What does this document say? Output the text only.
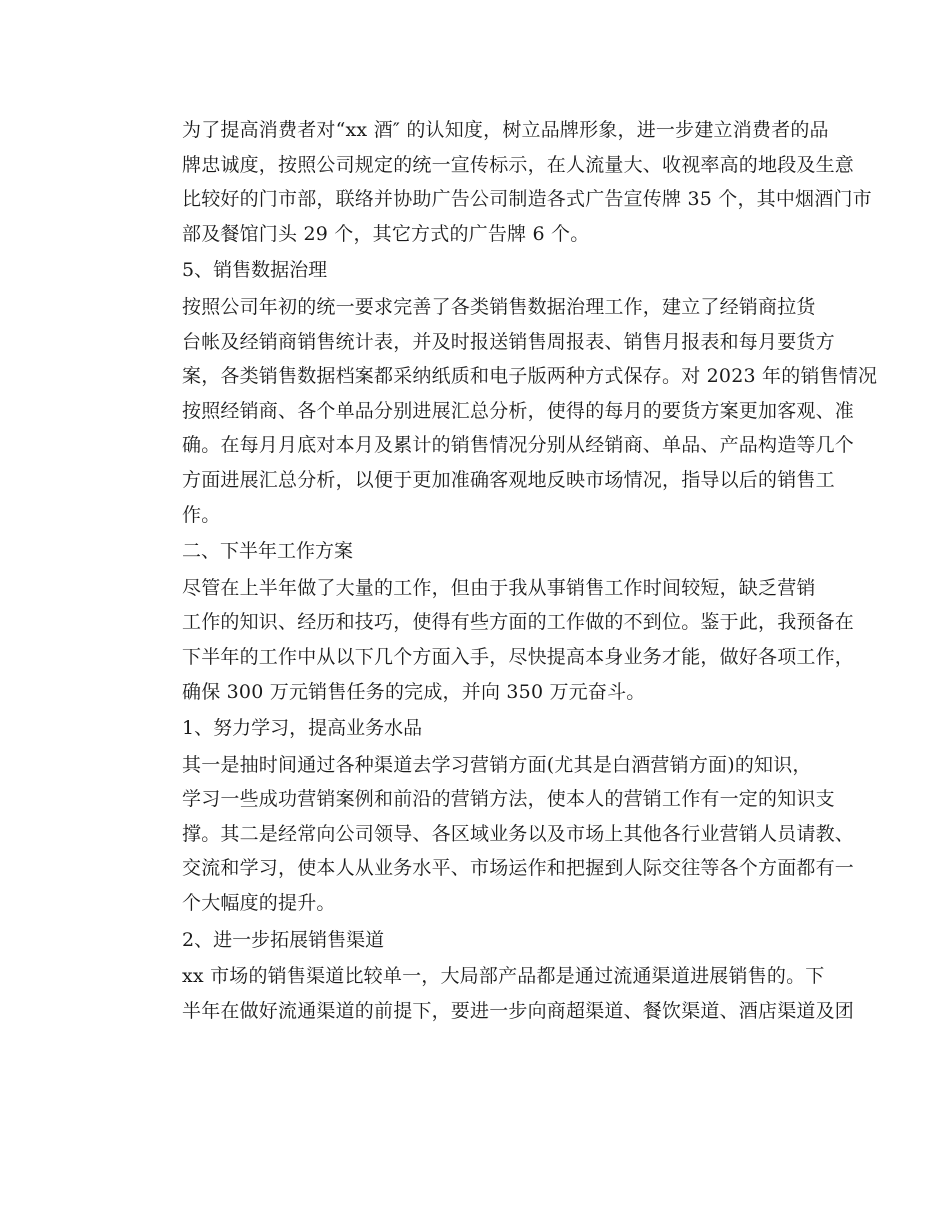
为了提高消费者对“xx 酒″ 的认知度，树立品牌形象，进一步建立消费者的品
牌忠诚度，按照公司规定的统一宣传标示，在人流量大、收视率高的地段及生意
比较好的门市部，联络并协助广告公司制造各式广告宣传牌 35 个，其中烟酒门市
部及餐馆门头 29 个，其它方式的广告牌 6 个。

5、销售数据治理

按照公司年初的统一要求完善了各类销售数据治理工作，建立了经销商拉货
台帐及经销商销售统计表，并及时报送销售周报表、销售月报表和每月要货方
案，各类销售数据档案都采纳纸质和电子版两种方式保存。对 2023 年的销售情况
按照经销商、各个单品分别进展汇总分析，使得的每月的要货方案更加客观、准
确。在每月月底对本月及累计的销售情况分别从经销商、单品、产品构造等几个
方面进展汇总分析，以便于更加准确客观地反映市场情况，指导以后的销售工
作。

二、下半年工作方案

尽管在上半年做了大量的工作，但由于我从事销售工作时间较短，缺乏营销
工作的知识、经历和技巧，使得有些方面的工作做的不到位。鉴于此，我预备在
下半年的工作中从以下几个方面入手，尽快提高本身业务才能，做好各项工作，
确保 300 万元销售任务的完成，并向 350 万元奋斗。

1、努力学习，提高业务水品

其一是抽时间通过各种渠道去学习营销方面(尤其是白酒营销方面)的知识，
学习一些成功营销案例和前沿的营销方法，使本人的营销工作有一定的知识支
撑。其二是经常向公司领导、各区域业务以及市场上其他各行业营销人员请教、
交流和学习，使本人从业务水平、市场运作和把握到人际交往等各个方面都有一
个大幅度的提升。

2、进一步拓展销售渠道

xx 市场的销售渠道比较单一，大局部产品都是通过流通渠道进展销售的。下
半年在做好流通渠道的前提下，要进一步向商超渠道、餐饮渠道、酒店渠道及团
